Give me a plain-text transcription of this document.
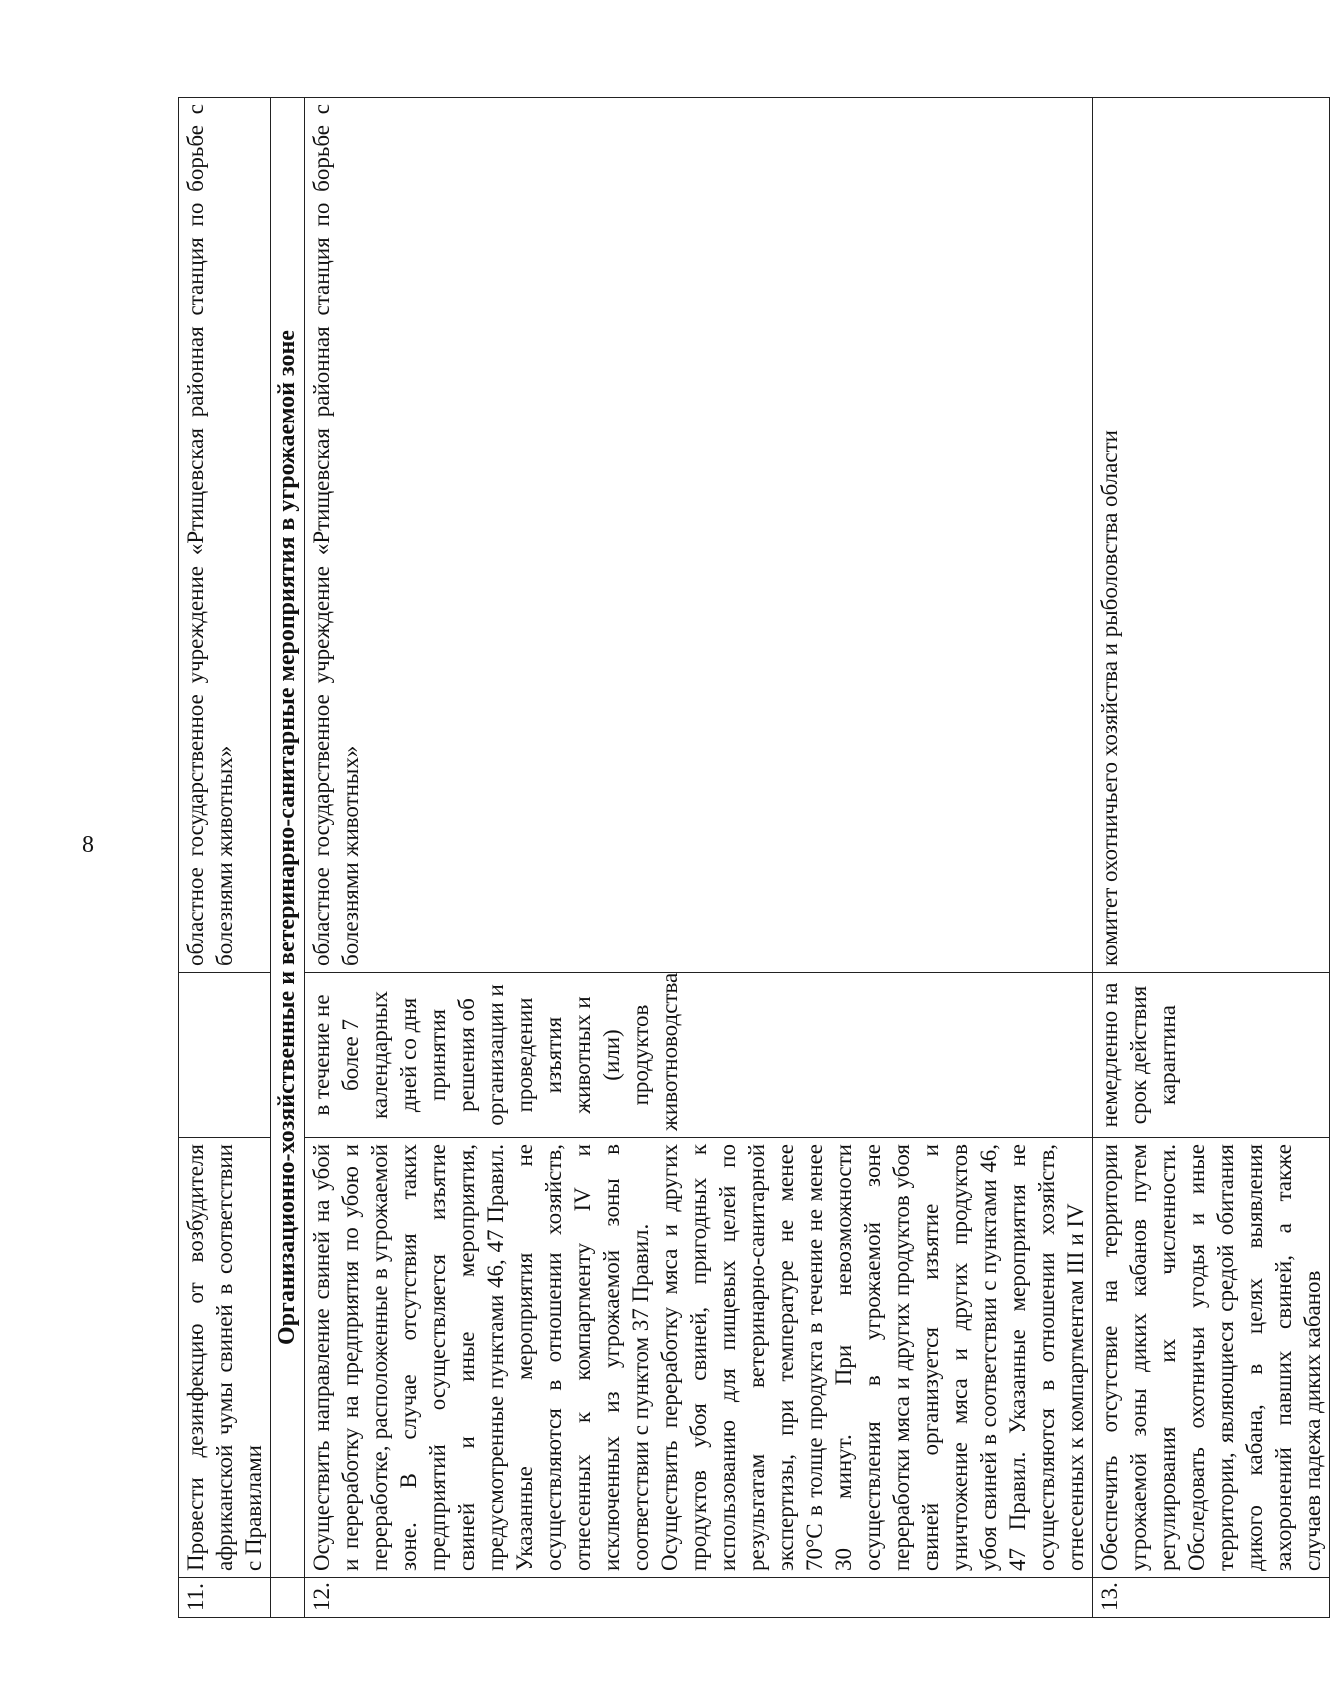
8
11.	Провести дезинфекцию от возбудителя африканской чумы свиней в соответствии с Правилами		областное государственное учреждение «Ртищевская районная станция по борьбе с болезнями животных»
	Организационно-хозяйственные и ветеринарно-санитарные мероприятия в угрожаемой зоне		
12.	Осуществить направление свиней на убой и переработку на предприятия по убою и переработке, расположенные в угрожаемой зоне. В случае отсутствия таких предприятий осуществляется изъятие свиней и иные мероприятия, предусмотренные пунктами 46, 47 Правил. Указанные мероприятия не осуществляются в отношении хозяйств, отнесенных к компартменту IV и исключенных из угрожаемой зоны в соответствии с пунктом 37 Правил. Осуществить переработку мяса и других продуктов убоя свиней, пригодных к использованию для пищевых целей по результатам ветеринарно-санитарной экспертизы, при температуре не менее 70°С в толще продукта в течение не менее 30 минут. При невозможности осуществления в угрожаемой зоне переработки мяса и других продуктов убоя свиней организуется изъятие и уничтожение мяса и других продуктов убоя свиней в соответствии с пунктами 46, 47 Правил. Указанные мероприятия не осуществляются в отношении хозяйств, отнесенных к компартментам III и IV	в течение не более 7 календарных дней со дня принятия решения об организации и проведении изъятия животных и (или) продуктов животноводства	областное государственное учреждение «Ртищевская районная станция по борьбе с болезнями животных»
13.	Обеспечить отсутствие на территории угрожаемой зоны диких кабанов путем регулирования их численности. Обследовать охотничьи угодья и иные территории, являющиеся средой обитания дикого кабана, в целях выявления захоронений павших свиней, а также случаев падежа диких кабанов	немедленно на срок действия карантина	комитет охотничьего хозяйства и рыболовства области
